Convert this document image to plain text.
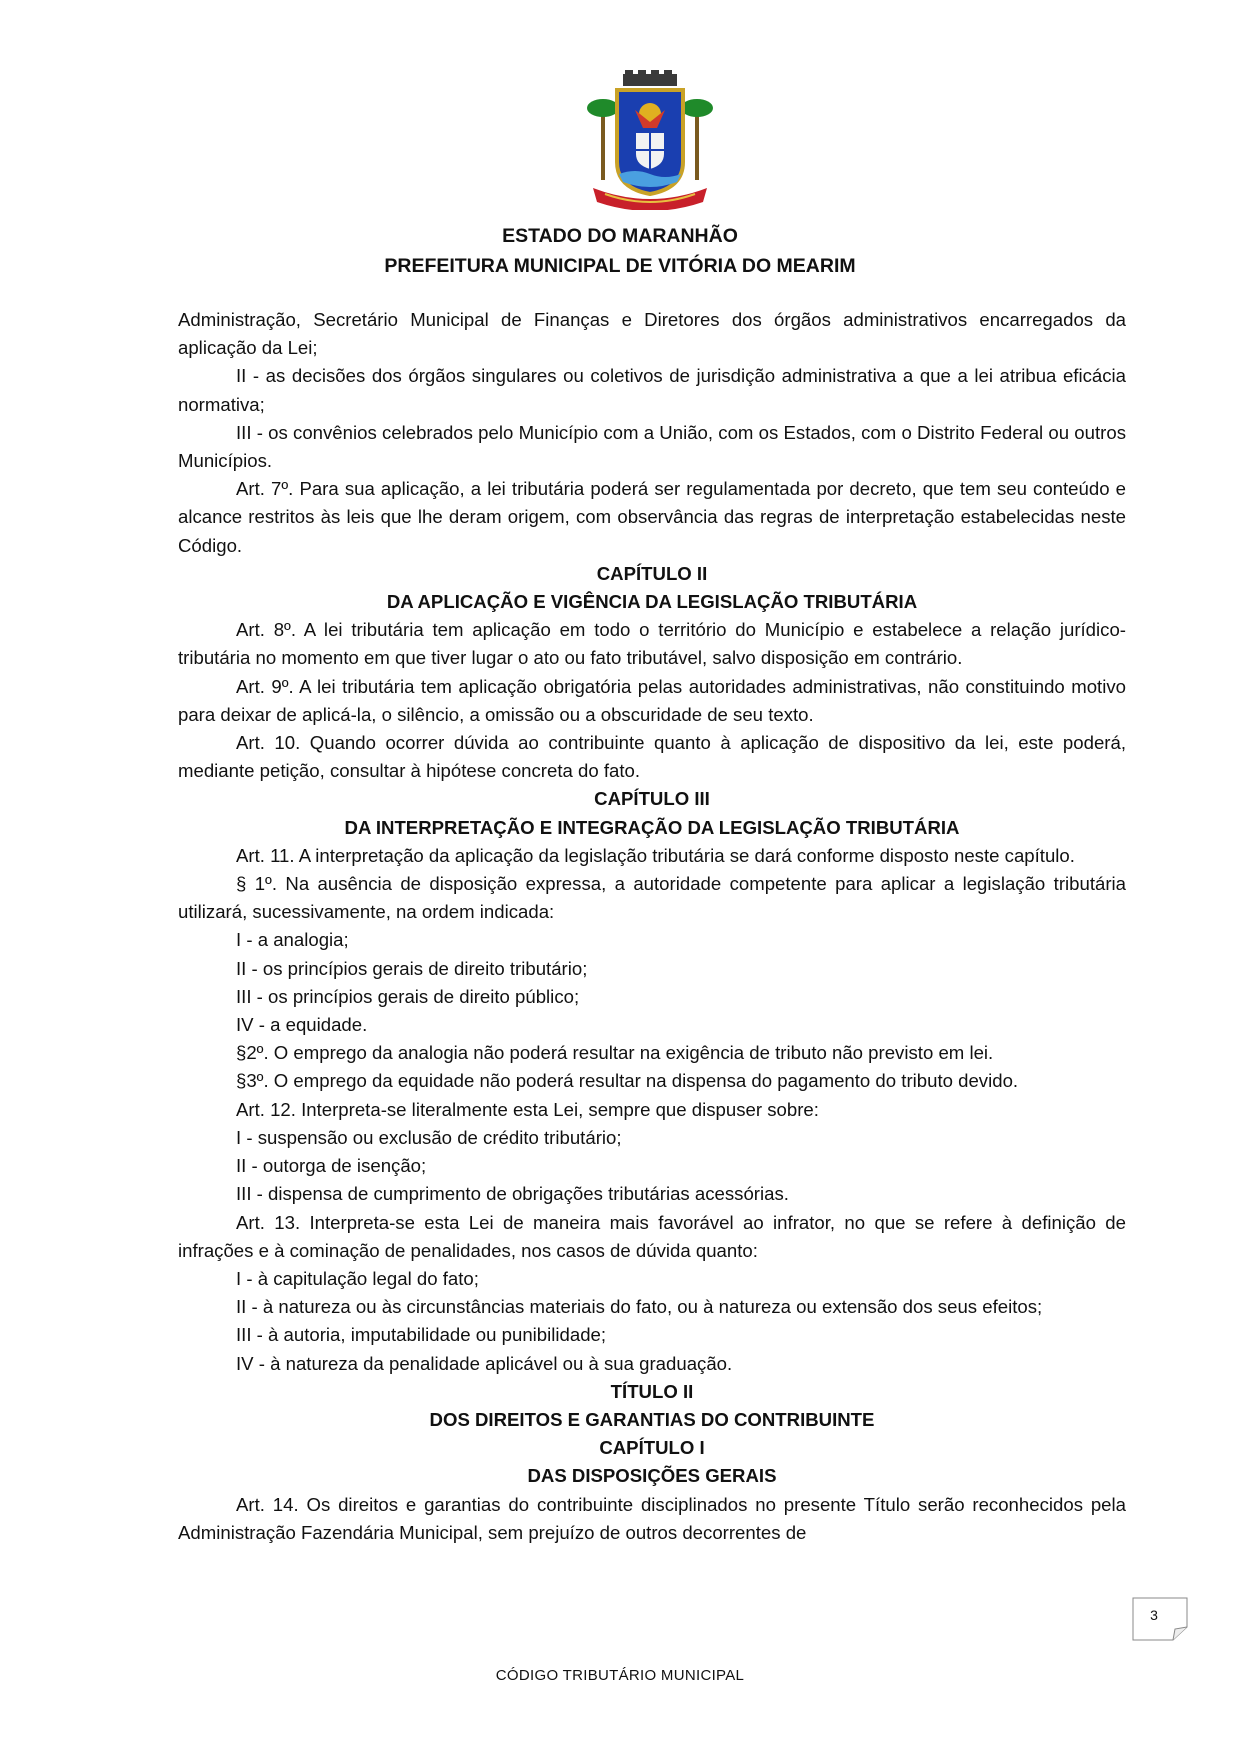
ESTADO DO MARANHÃO
PREFEITURA MUNICIPAL DE VITÓRIA DO MEARIM

Administração, Secretário Municipal de Finanças e Diretores dos órgãos administrativos encarregados da aplicação da Lei;

II - as decisões dos órgãos singulares ou coletivos de jurisdição administrativa a que a lei atribua eficácia normativa;

III - os convênios celebrados pelo Município com a União, com os Estados, com o Distrito Federal ou outros Municípios.

Art. 7º. Para sua aplicação, a lei tributária poderá ser regulamentada por decreto, que tem seu conteúdo e alcance restritos às leis que lhe deram origem, com observância das regras de interpretação estabelecidas neste Código.

CAPÍTULO II

DA APLICAÇÃO E VIGÊNCIA DA LEGISLAÇÃO TRIBUTÁRIA

Art. 8º. A lei tributária tem aplicação em todo o território do Município e estabelece a relação jurídico-tributária no momento em que tiver lugar o ato ou fato tributável, salvo disposição em contrário.

Art. 9º. A lei tributária tem aplicação obrigatória pelas autoridades administrativas, não constituindo motivo para deixar de aplicá-la, o silêncio, a omissão ou a obscuridade de seu texto.

Art. 10. Quando ocorrer dúvida ao contribuinte quanto à aplicação de dispositivo da lei, este poderá, mediante petição, consultar à hipótese concreta do fato.

CAPÍTULO III

DA INTERPRETAÇÃO E INTEGRAÇÃO DA LEGISLAÇÃO TRIBUTÁRIA

Art. 11. A interpretação da aplicação da legislação tributária se dará conforme disposto neste capítulo.

§ 1º. Na ausência de disposição expressa, a autoridade competente para aplicar a legislação tributária utilizará, sucessivamente, na ordem indicada:

I - a analogia;

II - os princípios gerais de direito tributário;

III - os princípios gerais de direito público;

IV - a equidade.

§2º. O emprego da analogia não poderá resultar na exigência de tributo não previsto em lei.

§3º. O emprego da equidade não poderá resultar na dispensa do pagamento do tributo devido.

Art. 12. Interpreta-se literalmente esta Lei, sempre que dispuser sobre:

I - suspensão ou exclusão de crédito tributário;

II - outorga de isenção;

III - dispensa de cumprimento de obrigações tributárias acessórias.

Art. 13. Interpreta-se esta Lei de maneira mais favorável ao infrator, no que se refere à definição de infrações e à cominação de penalidades, nos casos de dúvida quanto:

I - à capitulação legal do fato;

II - à natureza ou às circunstâncias materiais do fato, ou à natureza ou extensão dos seus efeitos;

III - à autoria, imputabilidade ou punibilidade;

IV - à natureza da penalidade aplicável ou à sua graduação.

TÍTULO II

DOS DIREITOS E GARANTIAS DO CONTRIBUINTE

CAPÍTULO I

DAS DISPOSIÇÕES GERAIS

Art. 14. Os direitos e garantias do contribuinte disciplinados no presente Título serão reconhecidos pela Administração Fazendária Municipal, sem prejuízo de outros decorrentes de

3
CÓDIGO TRIBUTÁRIO MUNICIPAL
